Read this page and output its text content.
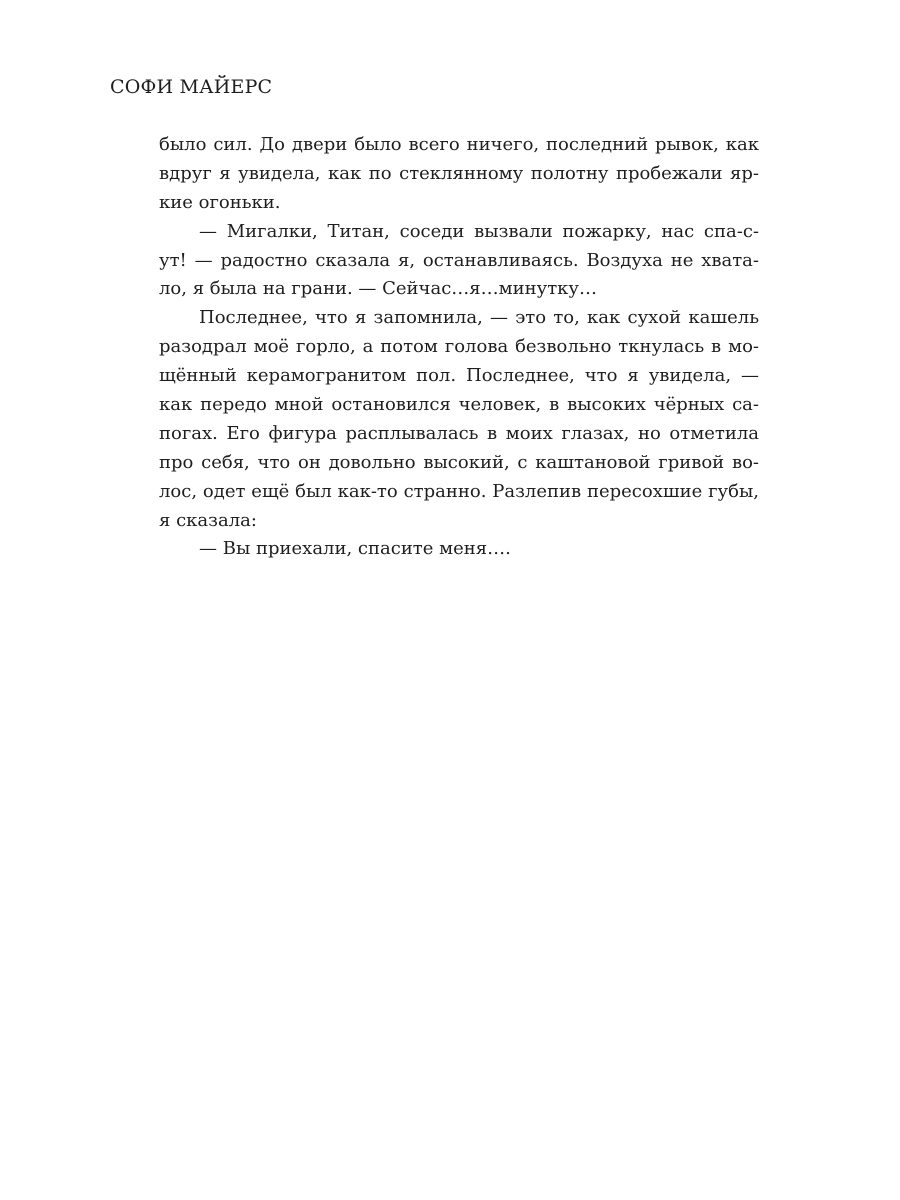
СОФИ МАЙЕРС
было сил. До двери было всего ничего, последний рывок, как
вдруг я увидела, как по стеклянному полотну пробежали яр-
кие огоньки.
— Мигалки, Титан, соседи вызвали пожарку, нас спа-с-
ут! — радостно сказала я, останавливаясь. Воздуха не хвата-
ло, я была на грани. — Сейчас…я…минутку…
Последнее, что я запомнила, — это то, как сухой кашель
разодрал моё горло, а потом голова безвольно ткнулась в мо-
щённый керамогранитом пол. Последнее, что я увидела, —
как передо мной остановился человек, в высоких чёрных са-
погах. Его фигура расплывалась в моих глазах, но отметила
про себя, что он довольно высокий, с каштановой гривой во-
лос, одет ещё был как-то странно. Разлепив пересохшие губы,
я сказала:
— Вы приехали, спасите меня….
